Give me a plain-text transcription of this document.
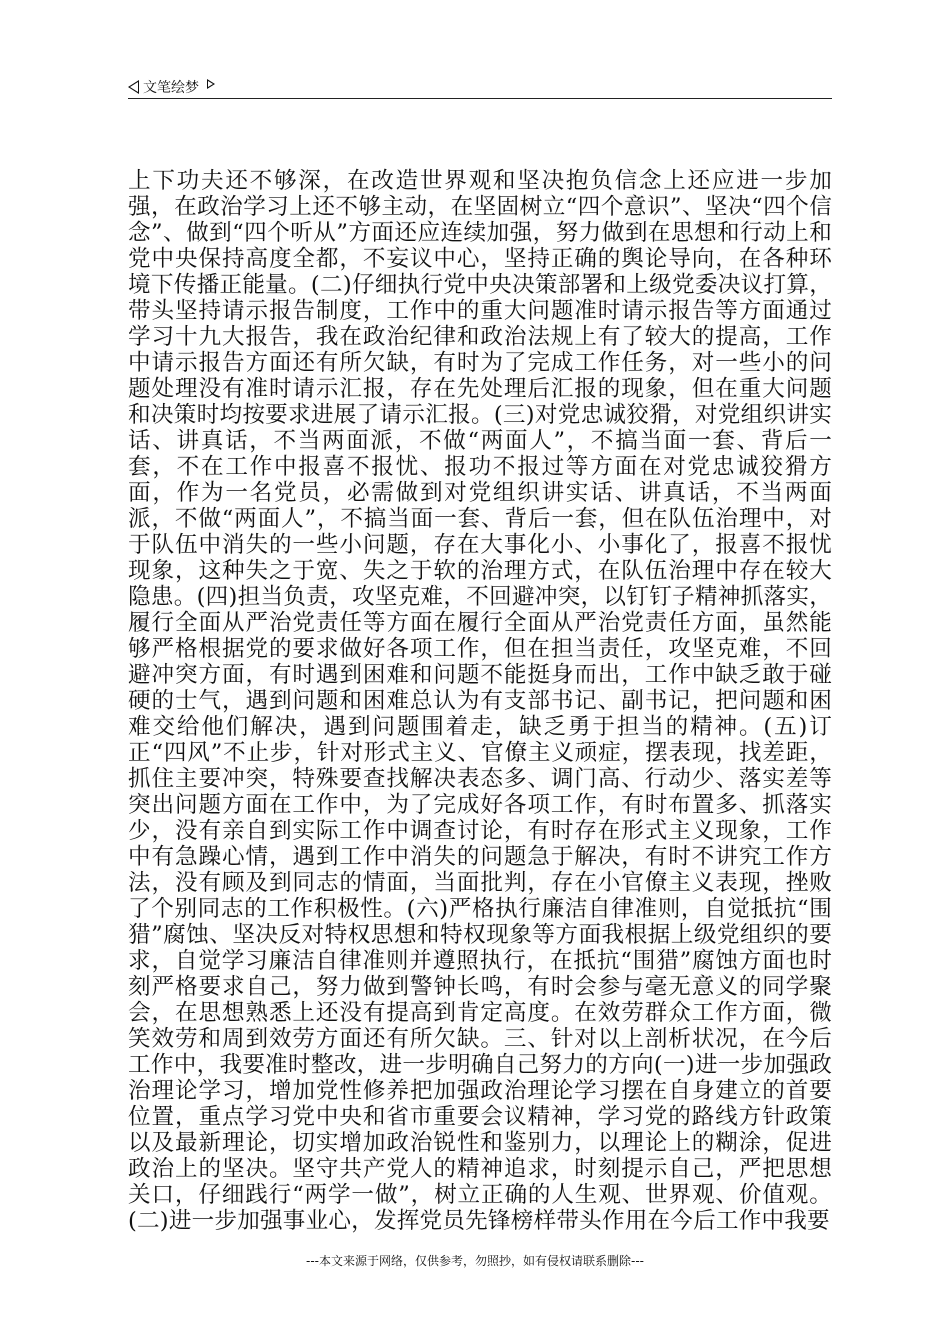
文笔绘梦

上下功夫还不够深，在改造世界观和坚决抱负信念上还应进一步加强，在政治学习上还不够主动，在坚固树立“四个意识”、坚决“四个信念”、做到“四个听从”方面还应连续加强，努力做到在思想和行动上和党中央保持高度全都，不妄议中心，坚持正确的舆论导向，在各种环境下传播正能量。(二)仔细执行党中央决策部署和上级党委决议打算，带头坚持请示报告制度，工作中的重大问题准时请示报告等方面通过学习十九大报告，我在政治纪律和政治法规上有了较大的提高，工作中请示报告方面还有所欠缺，有时为了完成工作任务，对一些小的问题处理没有准时请示汇报，存在先处理后汇报的现象，但在重大问题和决策时均按要求进展了请示汇报。(三)对党忠诚狡猾，对党组织讲实话、讲真话，不当两面派，不做“两面人”，不搞当面一套、背后一套，不在工作中报喜不报忧、报功不报过等方面在对党忠诚狡猾方面，作为一名党员，必需做到对党组织讲实话、讲真话，不当两面派，不做“两面人”，不搞当面一套、背后一套，但在队伍治理中，对于队伍中消失的一些小问题，存在大事化小、小事化了，报喜不报忧现象，这种失之于宽、失之于软的治理方式，在队伍治理中存在较大隐患。(四)担当负责，攻坚克难，不回避冲突，以钉钉子精神抓落实，履行全面从严治党责任等方面在履行全面从严治党责任方面，虽然能够严格根据党的要求做好各项工作，但在担当责任，攻坚克难，不回避冲突方面，有时遇到困难和问题不能挺身而出，工作中缺乏敢于碰硬的士气，遇到问题和困难总认为有支部书记、副书记，把问题和困难交给他们解决，遇到问题围着走，缺乏勇于担当的精神。(五)订正“四风”不止步，针对形式主义、官僚主义顽症，摆表现，找差距，抓住主要冲突，特殊要查找解决表态多、调门高、行动少、落实差等突出问题方面在工作中，为了完成好各项工作，有时布置多、抓落实少，没有亲自到实际工作中调查讨论，有时存在形式主义现象，工作中有急躁心情，遇到工作中消失的问题急于解决，有时不讲究工作方法，没有顾及到同志的情面，当面批判，存在小官僚主义表现，挫败了个别同志的工作积极性。(六)严格执行廉洁自律准则，自觉抵抗“围猎”腐蚀、坚决反对特权思想和特权现象等方面我根据上级党组织的要求，自觉学习廉洁自律准则并遵照执行，在抵抗“围猎”腐蚀方面也时刻严格要求自己，努力做到警钟长鸣，有时会参与毫无意义的同学聚会，在思想熟悉上还没有提高到肯定高度。在效劳群众工作方面，微笑效劳和周到效劳方面还有所欠缺。三、针对以上剖析状况，在今后工作中，我要准时整改，进一步明确自己努力的方向(一)进一步加强政治理论学习，增加党性修养把加强政治理论学习摆在自身建立的首要位置，重点学习党中央和省市重要会议精神，学习党的路线方针政策以及最新理论，切实增加政治锐性和鉴别力，以理论上的糊涂，促进政治上的坚决。坚守共产党人的精神追求，时刻提示自己，严把思想关口，仔细践行“两学一做”，树立正确的人生观、世界观、价值观。(二)进一步加强事业心，发挥党员先锋榜样带头作用在今后工作中我要

---本文来源于网络，仅供参考，勿照抄，如有侵权请联系删除---
